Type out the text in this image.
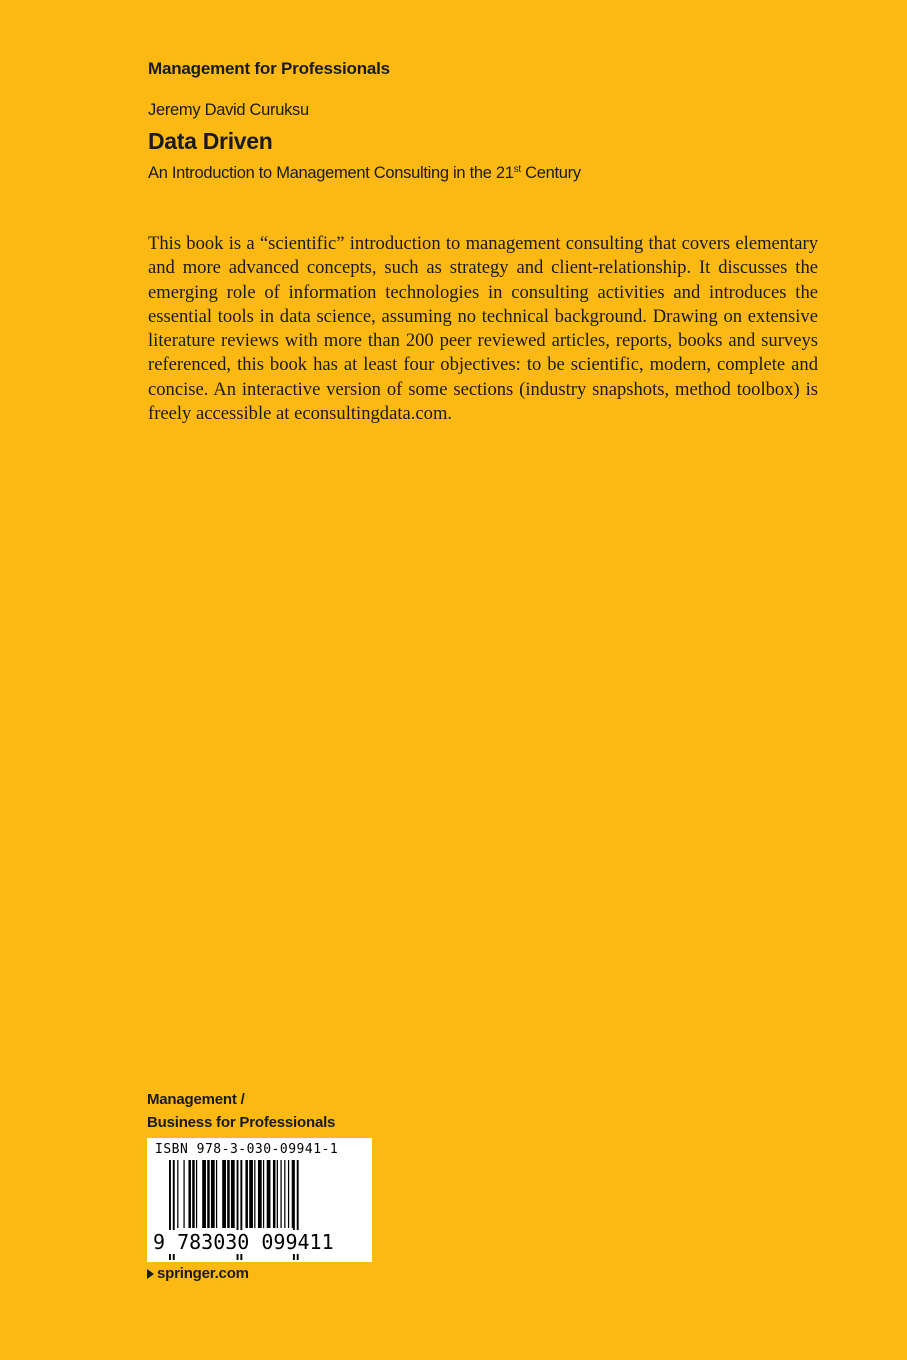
Management for Professionals
Jeremy David Curuksu
Data Driven
An Introduction to Management Consulting in the 21st Century

This book is a “scientific” introduction to management consulting that covers elementary and more advanced concepts, such as strategy and client-relationship. It discusses the emerging role of information technologies in consulting activities and introduces the essential tools in data science, assuming no technical background. Drawing on extensive literature reviews with more than 200 peer reviewed articles, reports, books and surveys referenced, this book has at least four objectives: to be scientific, modern, complete and concise. An interactive version of some sections (industry snapshots, method toolbox) is freely accessible at econsultingdata.com.

Management /
Business for Professionals
ISBN 978-3-030-09941-1
9 783030 099411
springer.com
